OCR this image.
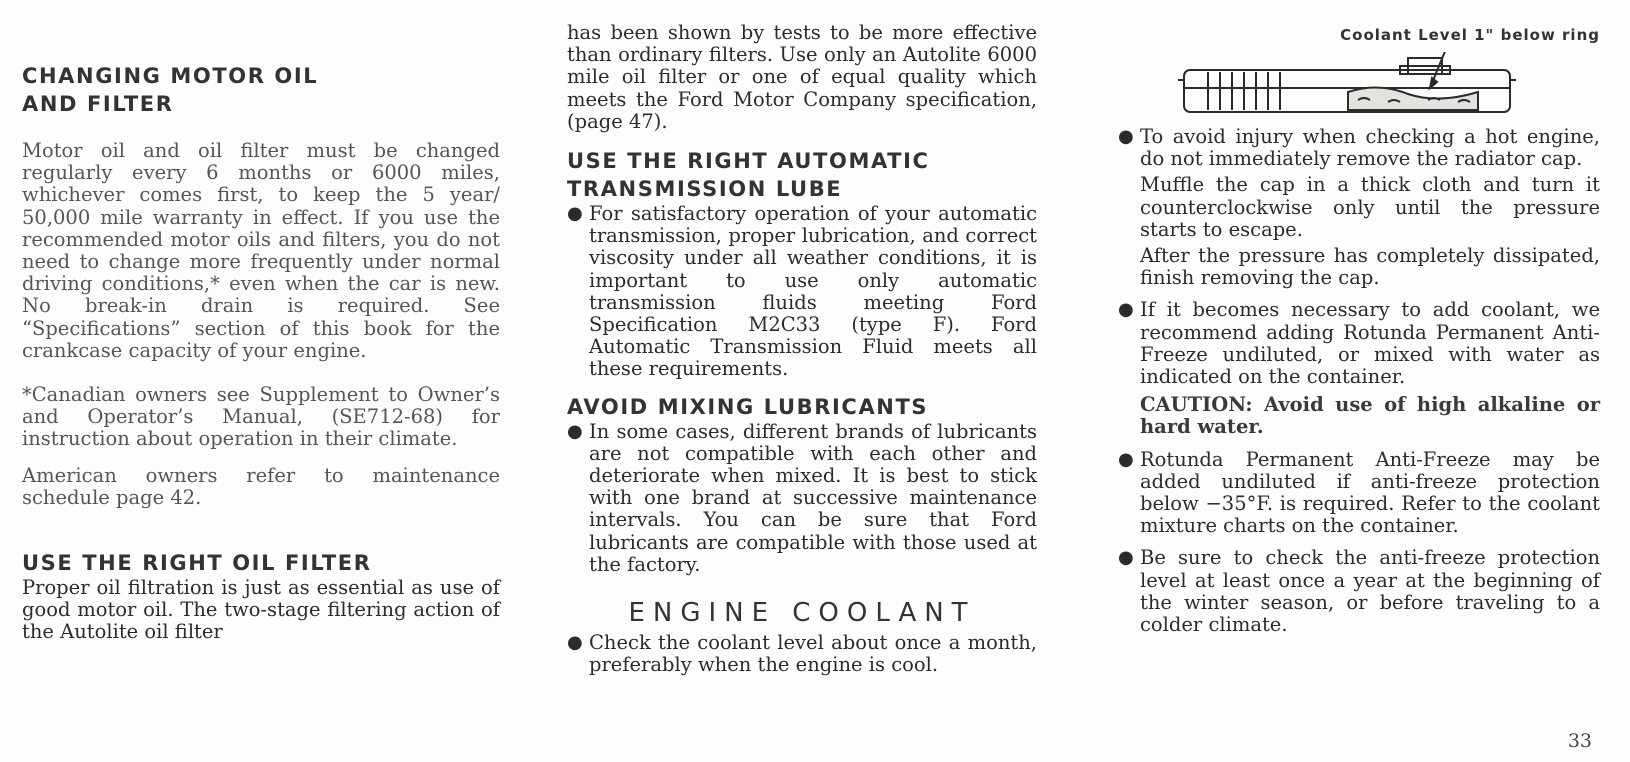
CHANGING MOTOR OIL
AND FILTER

Motor oil and oil filter must be changed regularly every 6 months or 6000 miles, whichever comes first, to keep the 5 year/ 50,000 mile warranty in effect. If you use the recommended motor oils and filters, you do not need to change more frequently under normal driving conditions,* even when the car is new. No break-in drain is required. See “Specifications” section of this book for the crankcase capacity of your engine.

*Canadian owners see Supplement to Owner’s and Operator’s Manual, (SE712-68) for instruction about operation in their climate.

American owners refer to maintenance schedule page 42.

USE THE RIGHT OIL FILTER

Proper oil filtration is just as essential as use of good motor oil. The two-stage filtering action of the Autolite oil filter

has been shown by tests to be more effective than ordinary filters. Use only an Autolite 6000 mile oil filter or one of equal quality which meets the Ford Motor Company specification, (page 47).

USE THE RIGHT AUTOMATIC
TRANSMISSION LUBE
● For satisfactory operation of your automatic transmission, proper lubrication, and correct viscosity under all weather conditions, it is important to use only automatic transmission fluids meeting Ford Specification M2C33 (type F). Ford Automatic Transmission Fluid meets all these requirements.
AVOID MIXING LUBRICANTS
● In some cases, different brands of lubricants are not compatible with each other and deteriorate when mixed. It is best to stick with one brand at successive maintenance intervals. You can be sure that Ford lubricants are compatible with those used at the factory.
ENGINE COOLANT
● Check the coolant level about once a month, preferably when the engine is cool.
Coolant Level 1" below ring
● To avoid injury when checking a hot engine, do not immediately remove the radiator cap.
Muffle the cap in a thick cloth and turn it counterclockwise only until the pressure starts to escape.
After the pressure has completely dissipated, finish removing the cap.
● If it becomes necessary to add coolant, we recommend adding Rotunda Permanent Anti-Freeze undiluted, or mixed with water as indicated on the container.
CAUTION: Avoid use of high alkaline or hard water.
● Rotunda Permanent Anti-Freeze may be added undiluted if anti-freeze protection below −35°F. is required. Refer to the coolant mixture charts on the container.
● Be sure to check the anti-freeze protection level at least once a year at the beginning of the winter season, or before traveling to a colder climate.
33
